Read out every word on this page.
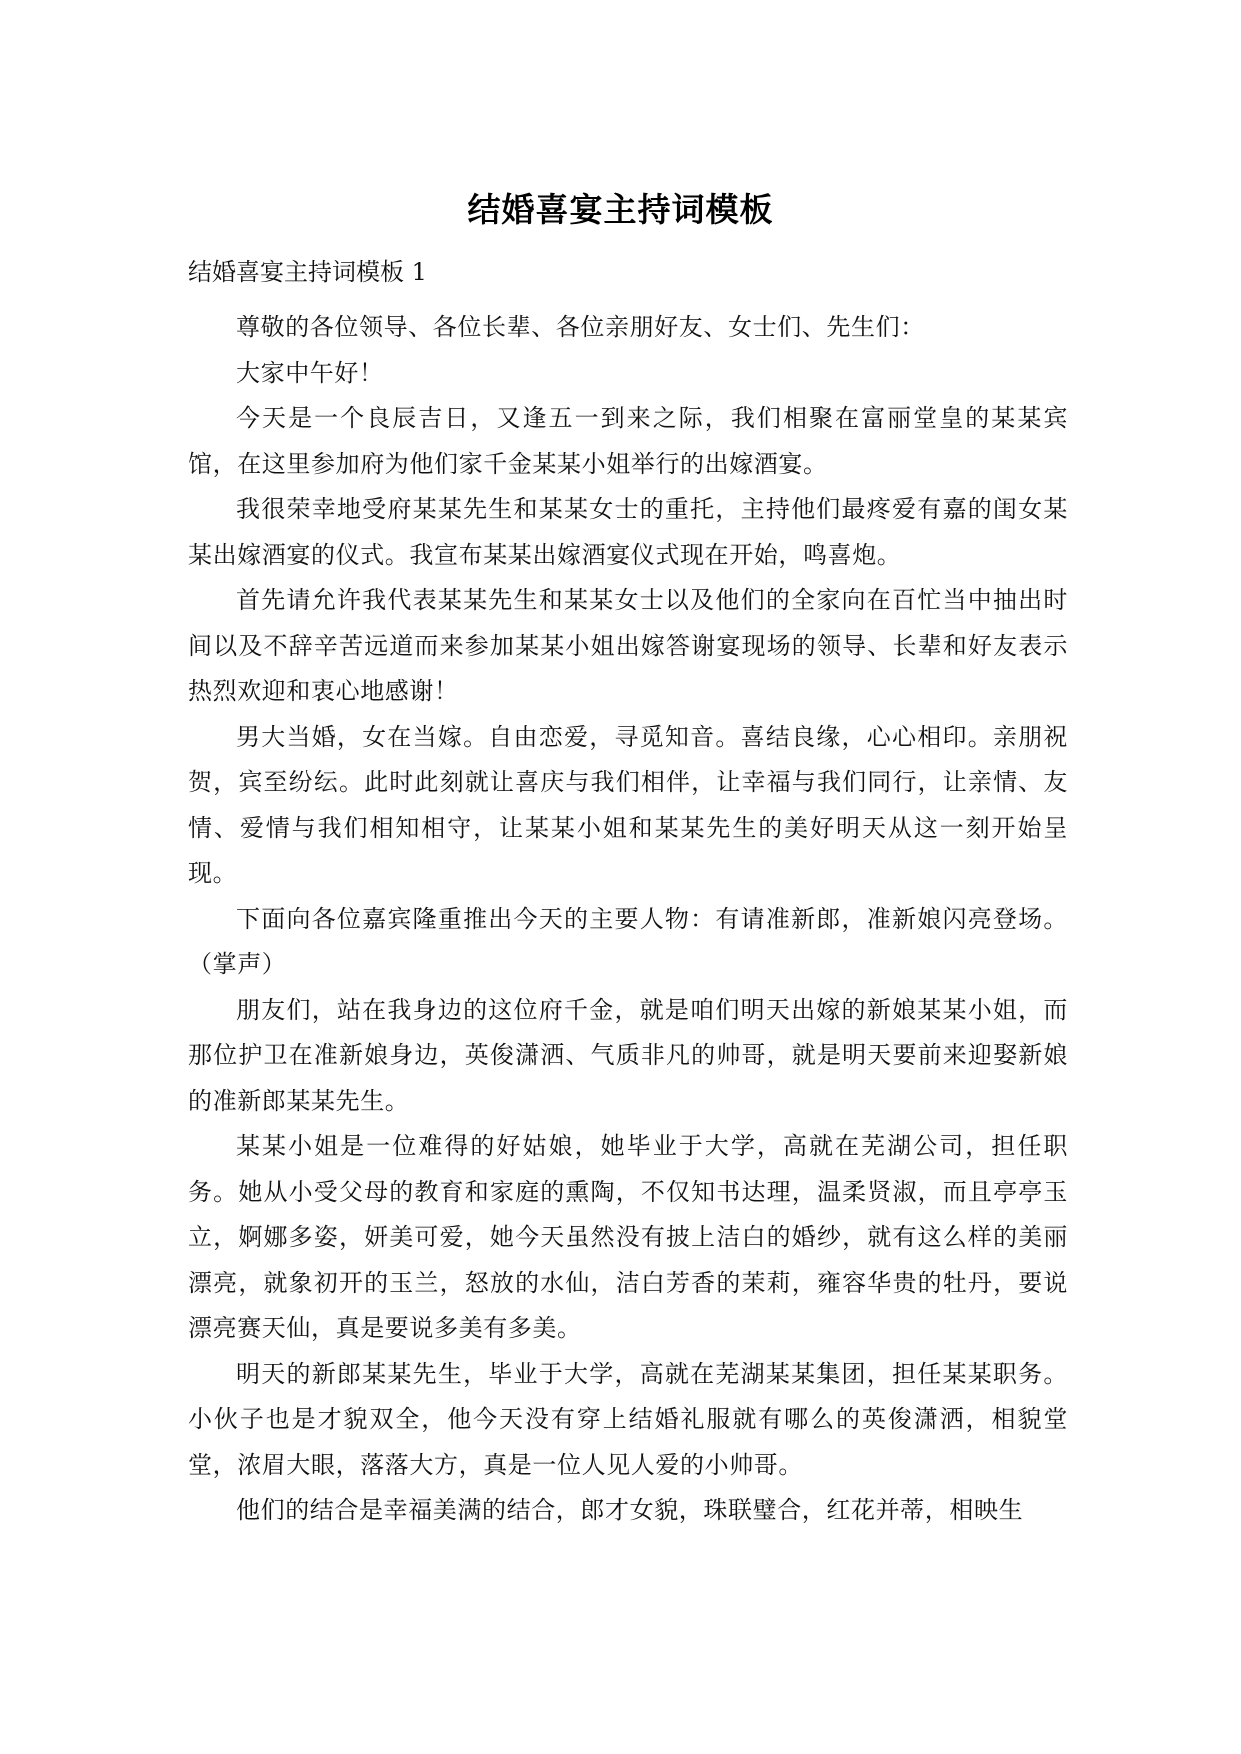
结婚喜宴主持词模板
结婚喜宴主持词模板 1

尊敬的各位领导、各位长辈、各位亲朋好友、女士们、先生们：

大家中午好！

今天是一个良辰吉日，又逢五一到来之际，我们相聚在富丽堂皇的某某宾馆，在这里参加府为他们家千金某某小姐举行的出嫁酒宴。

我很荣幸地受府某某先生和某某女士的重托，主持他们最疼爱有嘉的闺女某某出嫁酒宴的仪式。我宣布某某出嫁酒宴仪式现在开始，鸣喜炮。

首先请允许我代表某某先生和某某女士以及他们的全家向在百忙当中抽出时间以及不辞辛苦远道而来参加某某小姐出嫁答谢宴现场的领导、长辈和好友表示热烈欢迎和衷心地感谢！

男大当婚，女在当嫁。自由恋爱，寻觅知音。喜结良缘，心心相印。亲朋祝贺，宾至纷纭。此时此刻就让喜庆与我们相伴，让幸福与我们同行，让亲情、友情、爱情与我们相知相守，让某某小姐和某某先生的美好明天从这一刻开始呈现。

下面向各位嘉宾隆重推出今天的主要人物：有请准新郎，准新娘闪亮登场。（掌声）

朋友们，站在我身边的这位府千金，就是咱们明天出嫁的新娘某某小姐，而那位护卫在准新娘身边，英俊潇洒、气质非凡的帅哥，就是明天要前来迎娶新娘的准新郎某某先生。

某某小姐是一位难得的好姑娘，她毕业于大学，高就在芜湖公司，担任职务。她从小受父母的教育和家庭的熏陶，不仅知书达理，温柔贤淑，而且亭亭玉立，婀娜多姿，妍美可爱，她今天虽然没有披上洁白的婚纱，就有这么样的美丽漂亮，就象初开的玉兰，怒放的水仙，洁白芳香的茉莉，雍容华贵的牡丹，要说漂亮赛天仙，真是要说多美有多美。

明天的新郎某某先生，毕业于大学，高就在芜湖某某集团，担任某某职务。小伙子也是才貌双全，他今天没有穿上结婚礼服就有哪么的英俊潇洒，相貌堂堂，浓眉大眼，落落大方，真是一位人见人爱的小帅哥。

他们的结合是幸福美满的结合，郎才女貌，珠联璧合，红花并蒂，相映生
